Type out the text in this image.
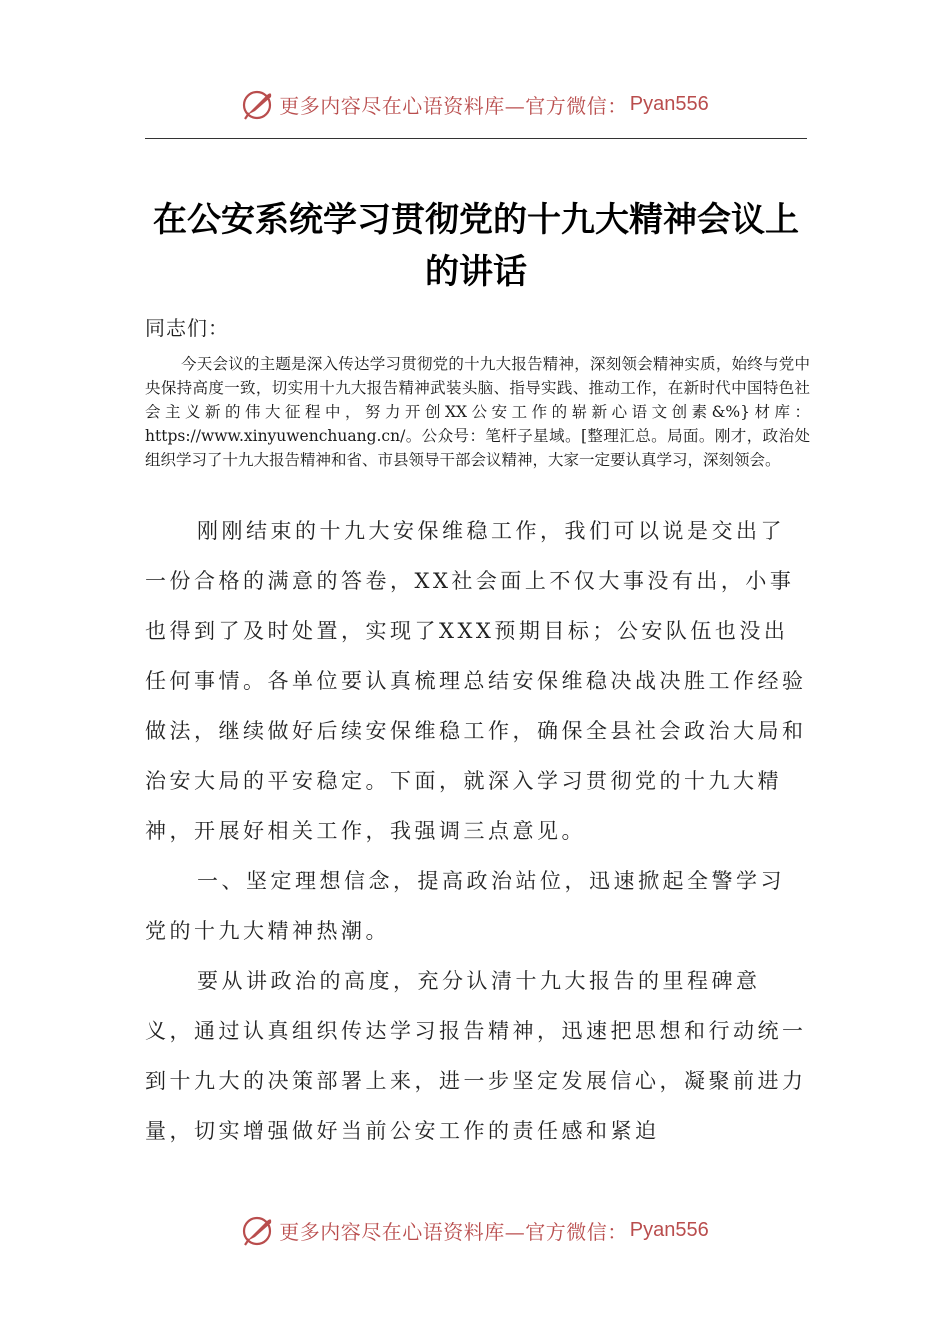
更多内容尽在心语资料库—官方微信： Pyan556
在公安系统学习贯彻党的十九大精神会议上的讲话
同志们：
今天会议的主题是深入传达学习贯彻党的十九大报告精神，深刻领会精神实质，始终与党中央保持高度一致，切实用十九大报告精神武装头脑、指导实践、推动工作，在新时代中国特色社会主义新的伟大征程中，努力开创XX公安工作的崭新心语文创素&%}材库：https://www.xinyuwenchuang.cn/。公众号：笔杆子星域。[整理汇总。局面。刚才，政治处组织学习了十九大报告精神和省、市县领导干部会议精神，大家一定要认真学习，深刻领会。

刚刚结束的十九大安保维稳工作，我们可以说是交出了一份合格的满意的答卷，XX社会面上不仅大事没有出，小事也得到了及时处置，实现了XXX预期目标；公安队伍也没出任何事情。各单位要认真梳理总结安保维稳决战决胜工作经验做法，继续做好后续安保维稳工作，确保全县社会政治大局和治安大局的平安稳定。下面，就深入学习贯彻党的十九大精神，开展好相关工作，我强调三点意见。

一、坚定理想信念，提高政治站位，迅速掀起全警学习党的十九大精神热潮。

要从讲政治的高度，充分认清十九大报告的里程碑意义，通过认真组织传达学习报告精神，迅速把思想和行动统一到十九大的决策部署上来，进一步坚定发展信心，凝聚前进力量，切实增强做好当前公安工作的责任感和紧迫

更多内容尽在心语资料库—官方微信： Pyan556
